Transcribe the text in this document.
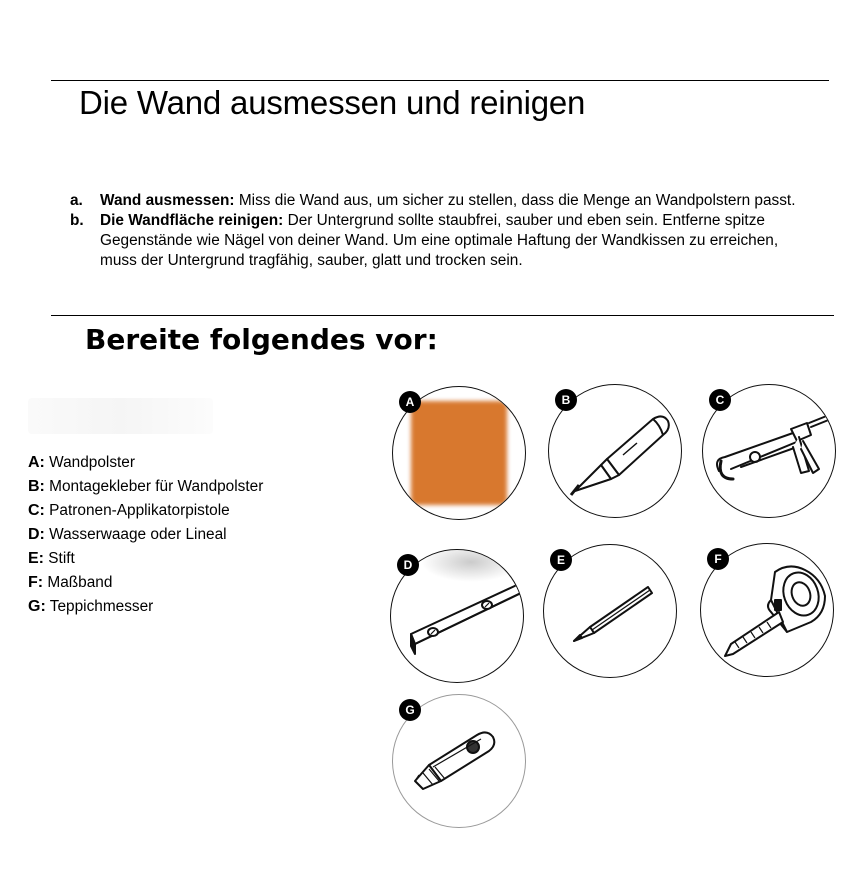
Die Wand ausmessen und reinigen
a. Wand ausmessen: Miss die Wand aus, um sicher zu stellen, dass die Menge an Wandpolstern passt.
b. Die Wandfläche reinigen: Der Untergrund sollte staubfrei, sauber und eben sein. Entferne spitze Gegenstände wie Nägel von deiner Wand. Um eine optimale Haftung der Wandkissen zu erreichen, muss der Untergrund tragfähig, sauber, glatt und trocken sein.
Bereite folgendes vor:
A: Wandpolster
B: Montagekleber für Wandpolster
C: Patronen-Applikatorpistole
D: Wasserwaage oder Lineal
E: Stift
F: Maßband
G: Teppichmesser
A	B	C
D	E	F
G
